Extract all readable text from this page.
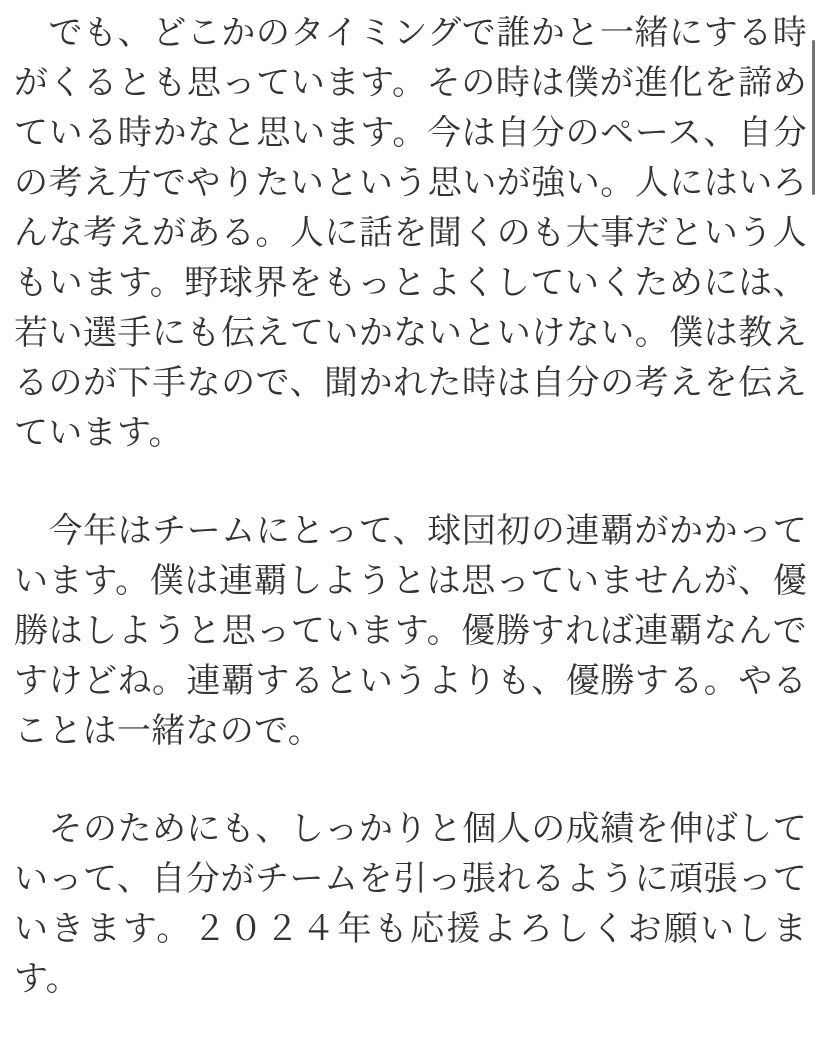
　でも、どこかのタイミングで誰かと一緒にする時がくるとも思っています。その時は僕が進化を諦めている時かなと思います。今は自分のペース、自分の考え方でやりたいという思いが強い。人にはいろんな考えがある。人に話を聞くのも大事だという人もいます。野球界をもっとよくしていくためには、若い選手にも伝えていかないといけない。僕は教えるのが下手なので、聞かれた時は自分の考えを伝えています。

　今年はチームにとって、球団初の連覇がかかっています。僕は連覇しようとは思っていませんが、優勝はしようと思っています。優勝すれば連覇なんですけどね。連覇するというよりも、優勝する。やることは一緒なので。

　そのためにも、しっかりと個人の成績を伸ばしていって、自分がチームを引っ張れるように頑張っていきます。２０２４年も応援よろしくお願いします。
